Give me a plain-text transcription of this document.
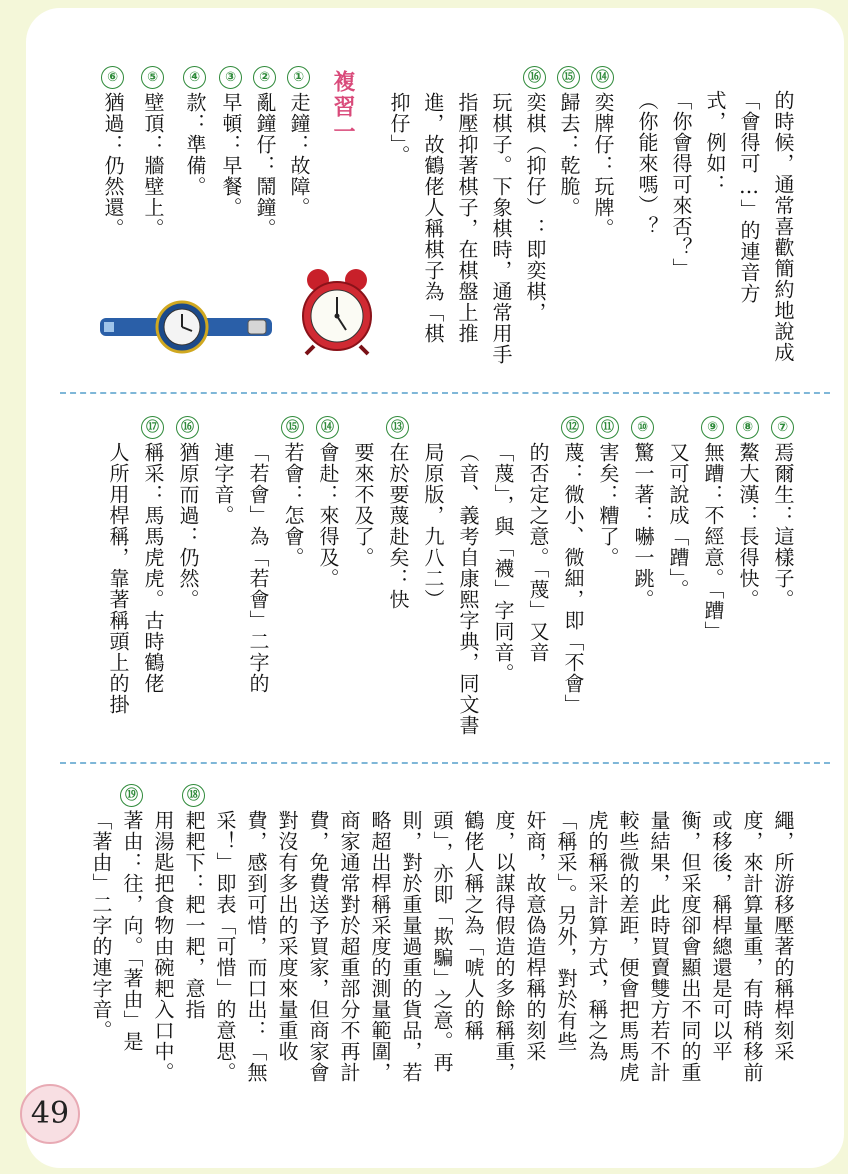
的時候，通常喜歡簡約地說成
「會得可…」的連音方
式，例如：
「你會得可來否？」
（你能來嗎）？
⑭
奕牌仔：玩牌。
⑮
歸去：乾脆。
⑯
奕棋（抑仔）：即奕棋，
玩棋子。下象棋時，通常用手
指壓抑著棋子，在棋盤上推
進，故鶴佬人稱棋子為「棋
抑仔」。
複習一
①
走鐘：故障。
②
亂鐘仔：鬧鐘。
③
早頓：早餐。
④
款：準備。
⑤
壁頂：牆壁上。
⑥
猶過：仍然還。
⑦
焉爾生：這樣子。
⑧
鰲大漢：長得快。
⑨
無蹧：不經意。「蹧」
又可說成「蹧」。
⑩
驚一著：嚇一跳。
⑪
害矣：糟了。
⑫
蔑：微小、微細，即「不會」
的否定之意。「蔑」又音
「蔑」，與「襪」字同音。
（音、義考自康熙字典，同文書
局原版，九八二）
⑬
在於要蔑赴矣：快
要來不及了。
⑭
會赴：來得及。
⑮
若會：怎會。
「若會」為「若會」二字的
連字音。
⑯
猶原而過：仍然。
⑰
稱采：馬馬虎虎。古時鶴佬
人所用桿稱，靠著稱頭上的掛
繩，所游移壓著的稱桿刻采
度，來計算量重，有時稍移前
或移後，稱桿總還是可以平
衡，但采度卻會顯出不同的重
量結果，此時買賣雙方若不計
較些微的差距，便會把馬馬虎
虎的稱采計算方式，稱之為
「稱采」。另外，對於有些
奸商，故意偽造桿稱的刻采
度，以謀得假造的多餘稱重，
鶴佬人稱之為「唬人的稱
頭」，亦即「欺騙」之意。再
則，對於重量過重的貨品，若
略超出桿稱采度的測量範圍，
商家通常對於超重部分不再計
費，免費送予買家，但商家會
對沒有多出的采度來量重收
費，感到可惜，而口出：「無
采！」即表「可惜」的意思。
⑱
耙耙下：耙一耙，意指
用湯匙把食物由碗耙入口中。
⑲
著由：往，向。「著由」是
「著由」二字的連字音。
49
